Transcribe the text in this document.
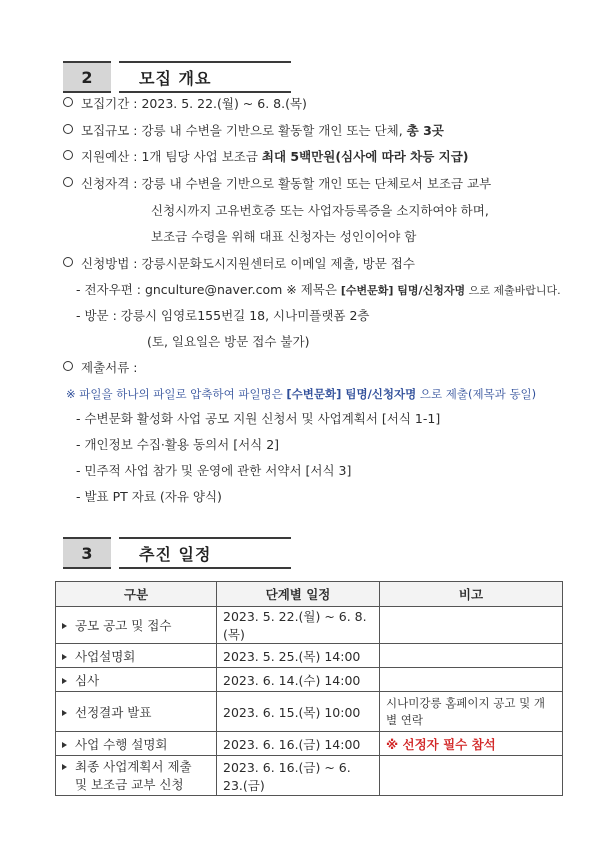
2	모집 개요
모집기간 : 2023. 5. 22.(월) ~ 6. 8.(목)
모집규모 : 강릉 내 수변을 기반으로 활동할 개인 또는 단체, 총 3곳
지원예산 : 1개 팀당 사업 보조금 최대 5백만원(심사에 따라 차등 지급)
신청자격 : 강릉 내 수변을 기반으로 활동할 개인 또는 단체로서 보조금 교부
신청시까지 고유번호증 또는 사업자등록증을 소지하여야 하며,
보조금 수령을 위해 대표 신청자는 성인이어야 함
신청방법 : 강릉시문화도시지원센터로 이메일 제출, 방문 접수
- 전자우편 : gnculture@naver.com ※ 제목은 [수변문화] 팀명/신청자명 으로 제출바랍니다.
- 방문 : 강릉시 임영로155번길 18, 시나미플랫폼 2층
(토, 일요일은 방문 접수 불가)
제출서류 :
※ 파일을 하나의 파일로 압축하여 파일명은 [수변문화] 팀명/신청자명 으로 제출(제목과 동일)
- 수변문화 활성화 사업 공모 지원 신청서 및 사업계획서 [서식 1-1]
- 개인정보 수집·활용 동의서 [서식 2]
- 민주적 사업 참가 및 운영에 관한 서약서 [서식 3]
- 발표 PT 자료 (자유 양식)
3	추진 일정
구분	단계별 일정	비고
공모 공고 및 접수	2023. 5. 22.(월) ~ 6. 8.(목)	
사업설명회	2023. 5. 25.(목) 14:00	
심사	2023. 6. 14.(수) 14:00	
선정결과 발표	2023. 6. 15.(목) 10:00	시나미강릉 홈페이지 공고 및 개별 연락
사업 수행 설명회	2023. 6. 16.(금) 14:00	※ 선정자 필수 참석
최종 사업계획서 제출 및 보조금 교부 신청	2023. 6. 16.(금) ~ 6. 23.(금)	
